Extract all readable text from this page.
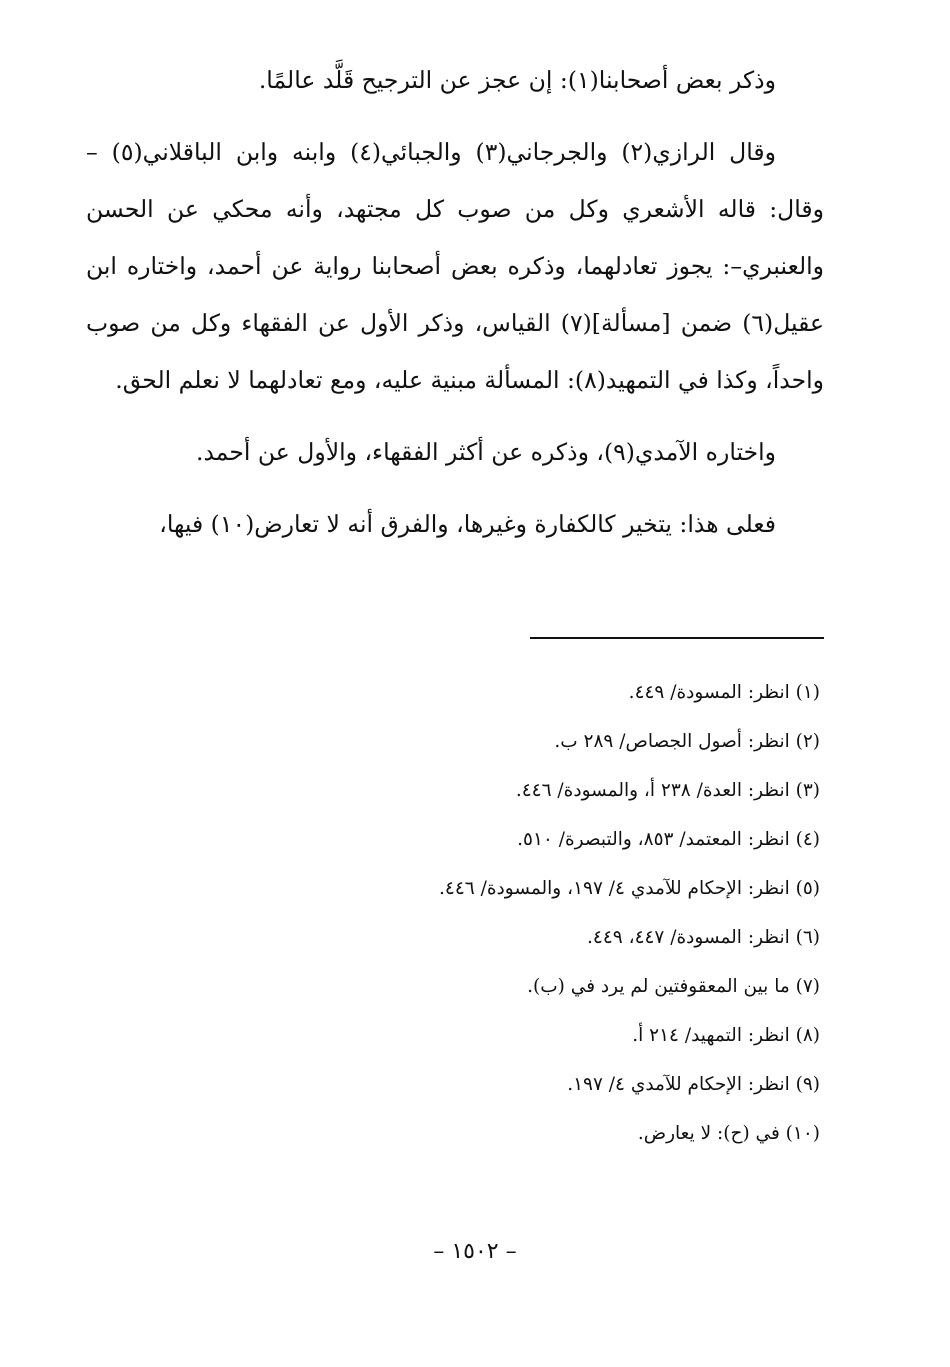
وذكر بعض أصحابنا(١): إن عجز عن الترجيح قَلَّد عالمًا.

وقال الرازي(٢) والجرجاني(٣) والجبائي(٤) وابنه وابن الباقلاني(٥) – وقال: قاله الأشعري وكل من صوب كل مجتهد، وأنه محكي عن الحسن والعنبري–: يجوز تعادلهما، وذكره بعض أصحابنا رواية عن أحمد، واختاره ابن عقيل(٦) ضمن [مسألة](٧) القياس، وذكر الأول عن الفقهاء وكل من صوب واحداً، وكذا في التمهيد(٨): المسألة مبنية عليه، ومع تعادلهما لا نعلم الحق.

واختاره الآمدي(٩)، وذكره عن أكثر الفقهاء، والأول عن أحمد.

فعلى هذا: يتخير كالكفارة وغيرها، والفرق أنه لا تعارض(١٠) فيها،

(١) انظر: المسودة/ ٤٤٩.
(٢) انظر: أصول الجصاص/ ٢٨٩ ب.
(٣) انظر: العدة/ ٢٣٨ أ، والمسودة/ ٤٤٦.
(٤) انظر: المعتمد/ ٨٥٣، والتبصرة/ ٥١٠.
(٥) انظر: الإحكام للآمدي ٤/ ١٩٧، والمسودة/ ٤٤٦.
(٦) انظر: المسودة/ ٤٤٧، ٤٤٩.
(٧) ما بين المعقوفتين لم يرد في (ب).
(٨) انظر: التمهيد/ ٢١٤ أ.
(٩) انظر: الإحكام للآمدي ٤/ ١٩٧.
(١٠) في (ح): لا يعارض.
– ١٥٠٢ –
